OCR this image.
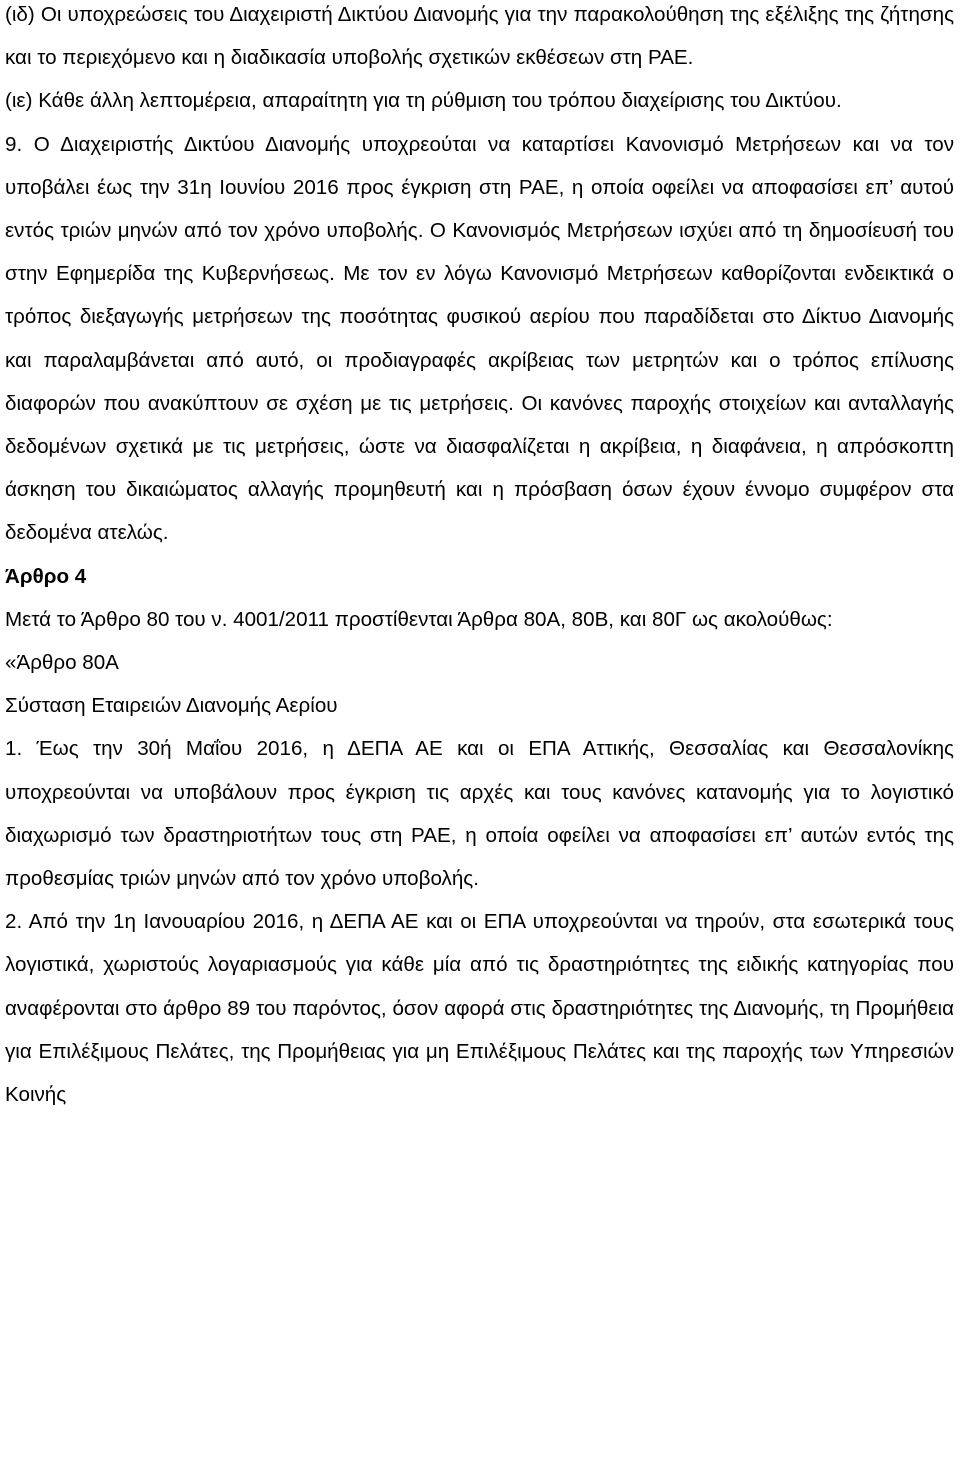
(ιδ) Οι υποχρεώσεις του Διαχειριστή Δικτύου Διανομής για την παρακολούθηση της εξέλιξης της ζήτησης και το περιεχόμενο και η διαδικασία υποβολής σχετικών εκθέσεων στη ΡΑΕ.

(ιε) Κάθε άλλη λεπτομέρεια, απαραίτητη για τη ρύθμιση του τρόπου διαχείρισης του Δικτύου.

9. Ο Διαχειριστής Δικτύου Διανομής υποχρεούται να καταρτίσει Κανονισμό Μετρήσεων και να τον υποβάλει έως την 31η Ιουνίου 2016 προς έγκριση στη ΡΑΕ, η οποία οφείλει να αποφασίσει επ’ αυτού εντός τριών μηνών από τον χρόνο υποβολής. Ο Κανονισμός Μετρήσεων ισχύει από τη δημοσίευσή του στην Εφημερίδα της Κυβερνήσεως. Με τον εν λόγω Κανονισμό Μετρήσεων καθορίζονται ενδεικτικά ο τρόπος διεξαγωγής μετρήσεων της ποσότητας φυσικού αερίου που παραδίδεται στο Δίκτυο Διανομής και παραλαμβάνεται από αυτό, οι προδιαγραφές ακρίβειας των μετρητών και ο τρόπος επίλυσης διαφορών που ανακύπτουν σε σχέση με τις μετρήσεις. Οι κανόνες παροχής στοιχείων και ανταλλαγής δεδομένων σχετικά με τις μετρήσεις, ώστε να διασφαλίζεται η ακρίβεια, η διαφάνεια, η απρόσκοπτη άσκηση του δικαιώματος αλλαγής προμηθευτή και η πρόσβαση όσων έχουν έννομο συμφέρον στα δεδομένα ατελώς.

Άρθρο 4

Μετά το Άρθρο 80 του ν. 4001/2011 προστίθενται Άρθρα 80Α, 80Β, και 80Γ ως ακολούθως:

«Άρθρο 80Α

Σύσταση Εταιρειών Διανομής Αερίου

1. Έως την 30ή Μαΐου 2016, η ΔΕΠΑ ΑΕ και οι ΕΠΑ Αττικής, Θεσσαλίας και Θεσσαλονίκης υποχρεούνται να υποβάλουν προς έγκριση τις αρχές και τους κανόνες κατανομής για το λογιστικό διαχωρισμό των δραστηριοτήτων τους στη ΡΑΕ, η οποία οφείλει να αποφασίσει επ’ αυτών εντός της προθεσμίας τριών μηνών από τον χρόνο υποβολής.

2. Από την 1η Ιανουαρίου 2016, η ΔΕΠΑ ΑΕ και οι ΕΠΑ υποχρεούνται να τηρούν, στα εσωτερικά τους λογιστικά, χωριστούς λογαριασμούς για κάθε μία από τις δραστηριότητες της ειδικής κατηγορίας που αναφέρονται στο άρθρο 89 του παρόντος, όσον αφορά στις δραστηριότητες της Διανομής, τη Προμήθεια για Επιλέξιμους Πελάτες, της Προμήθειας για μη Επιλέξιμους Πελάτες και της παροχής των Υπηρεσιών Κοινής
